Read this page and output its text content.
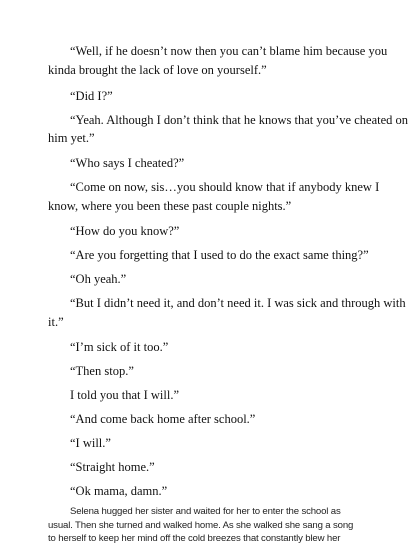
“Well, if he doesn’t now then you can’t blame him because you
kinda brought the lack of love on yourself.”
“Did I?”
“Yeah. Although I don’t think that he knows that you’ve cheated on
him yet.”
“Who says I cheated?”
“Come on now, sis…you should know that if anybody knew I
know, where you been these past couple nights.”
“How do you know?”
“Are you forgetting that I used to do the exact same thing?”
“Oh yeah.”
“But I didn’t need it, and don’t need it. I was sick and through with
it.”
“I’m sick of it too.”
“Then stop.”
I told you that I will.”
“And come back home after school.”
“I will.”
“Straight home.”
“Ok mama, damn.”
Selena hugged her sister and waited for her to enter the school as
usual. Then she turned and walked home. As she walked she sang a song
to herself to keep her mind off the cold breezes that constantly blew her
